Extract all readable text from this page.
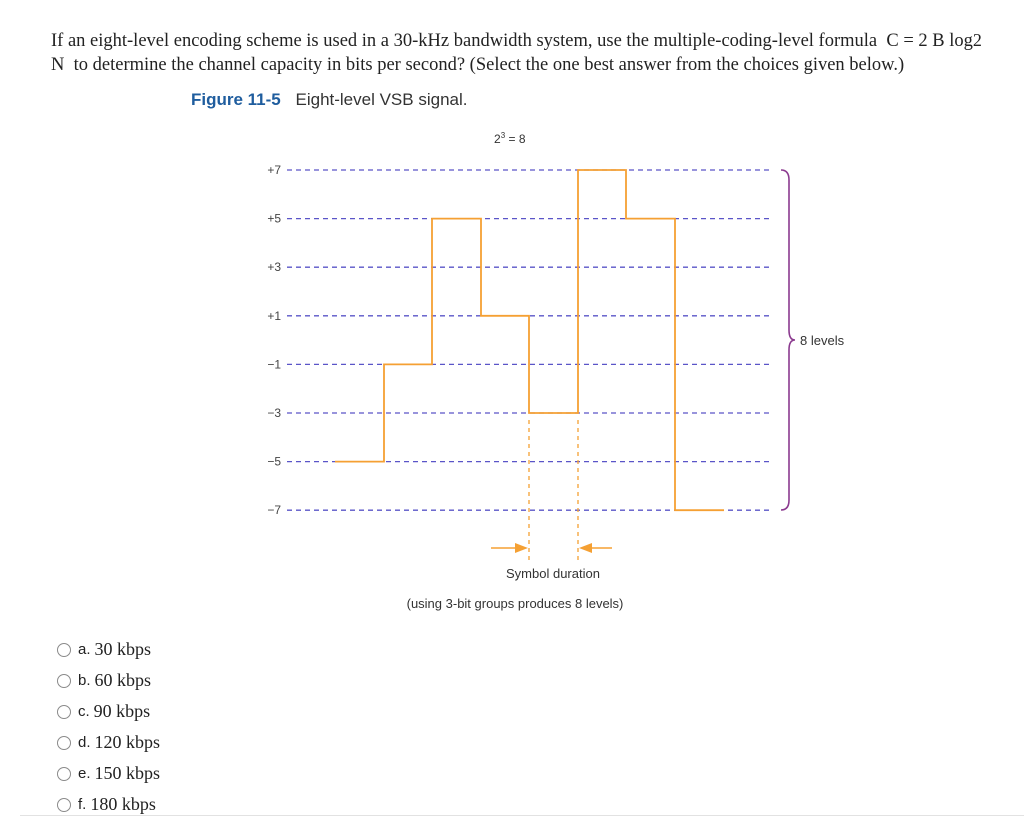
If an eight-level encoding scheme is used in a 30-kHz bandwidth system, use the multiple-coding-level formula C = 2 B log2 N to determine the channel capacity in bits per second? (Select the one best answer from the choices given below.)
Figure 11-5 Eight-level VSB signal.
$2^3 = 8$
+7
+5
+3
+1
−1
−3
−5
−7
8 levels
Symbol duration
(using 3-bit groups produces 8 levels)
a. 30 kbps
b. 60 kbps
c. 90 kbps
d. 120 kbps
e. 150 kbps
f. 180 kbps
